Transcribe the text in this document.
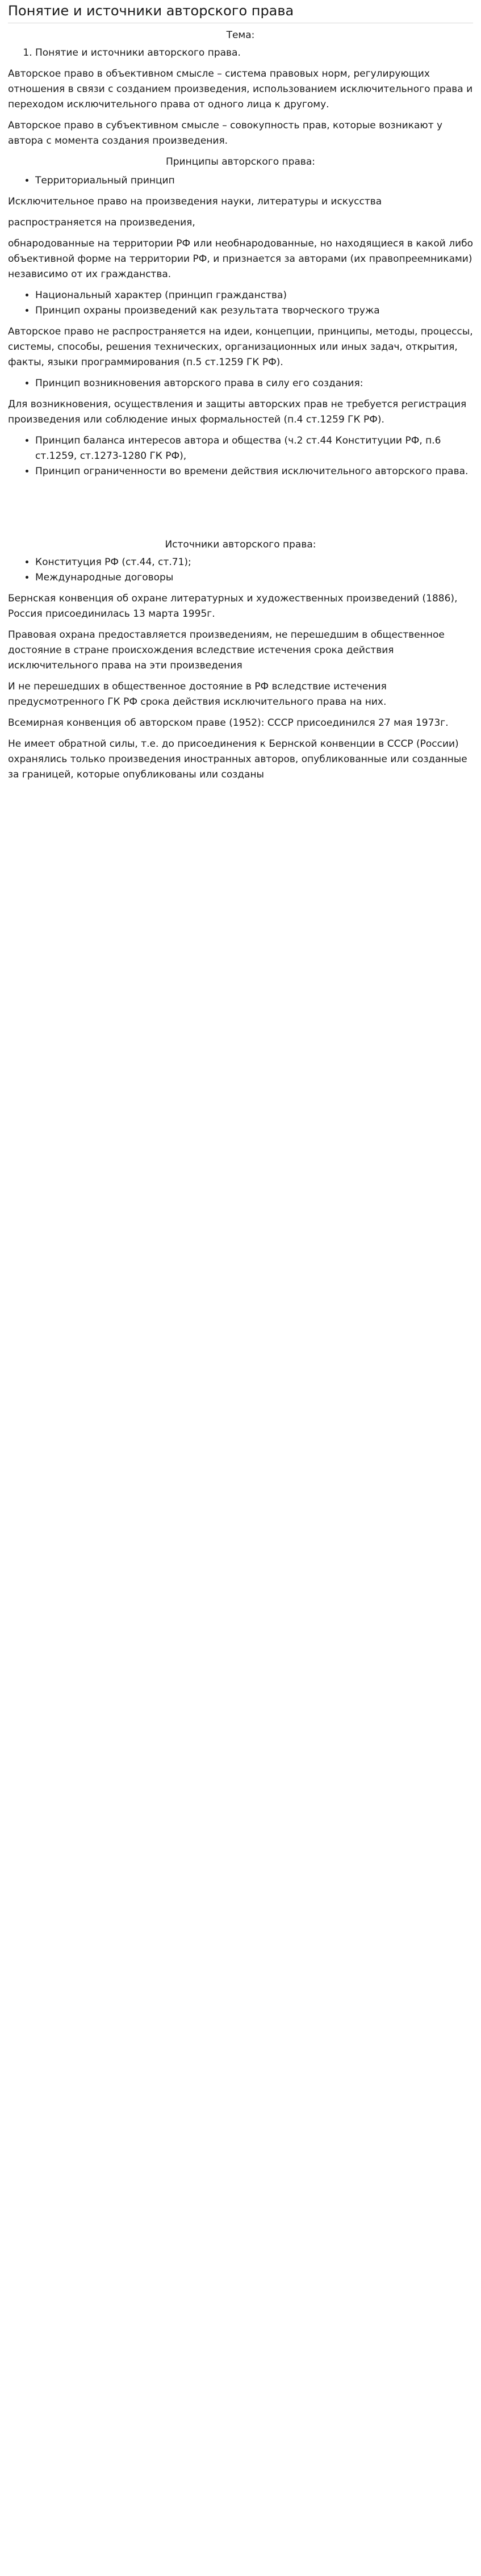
Понятие и источники авторского права
Тема:
1. Понятие и источники авторского права.

Авторское право в объективном смысле – система правовых норм, регулирующих отношения в связи с созданием произведения, использованием исключительного права и переходом исключительного права от одного лица к другому.

Авторское право в субъективном смысле – совокупность прав, которые возникают у автора с момента создания произведения.

Принципы авторского права:
• Территориальный принцип

Исключительное право на произведения науки, литературы и искусства

распространяется на произведения,

обнародованные на территории РФ или необнародованные, но находящиеся в какой либо объективной форме на территории РФ, и признается за авторами (их правопреемниками) независимо от их гражданства.

• Национальный характер (принцип гражданства)
• Принцип охраны произведений как результата творческого тружа

Авторское право не распространяется на идеи, концепции, принципы, методы, процессы, системы, способы, решения технических, организационных или иных задач, открытия, факты, языки программирования (п.5 ст.1259 ГК РФ).

• Принцип возникновения авторского права в силу его создания:

Для возникновения, осуществления и защиты авторских прав не требуется регистрация произведения или соблюдение иных формальностей (п.4 ст.1259 ГК РФ).

• Принцип баланса интересов автора и общества (ч.2 ст.44 Конституции РФ, п.6 ст.1259, ст.1273-1280 ГК РФ),
• Принцип ограниченности во времени действия исключительного авторского права.
Источники авторского права:
• Конституция РФ (ст.44, ст.71);
• Международные договоры

Бернская конвенция об охране литературных и художественных произведений (1886), Россия присоединилась 13 марта 1995г.

Правовая охрана предоставляется произведениям, не перешедшим в общественное достояние в стране происхождения вследствие истечения срока действия исключительного права на эти произведения

И не перешедших в общественное достояние в РФ вследствие истечения предусмотренного ГК РФ срока действия исключительного права на них.

Всемирная конвенция об авторском праве (1952): СССР присоединился 27 мая 1973г.

Не имеет обратной силы, т.е. до присоединения к Бернской конвенции в СССР (России) охранялись только произведения иностранных авторов, опубликованные или созданные за границей, которые опубликованы или созданы
